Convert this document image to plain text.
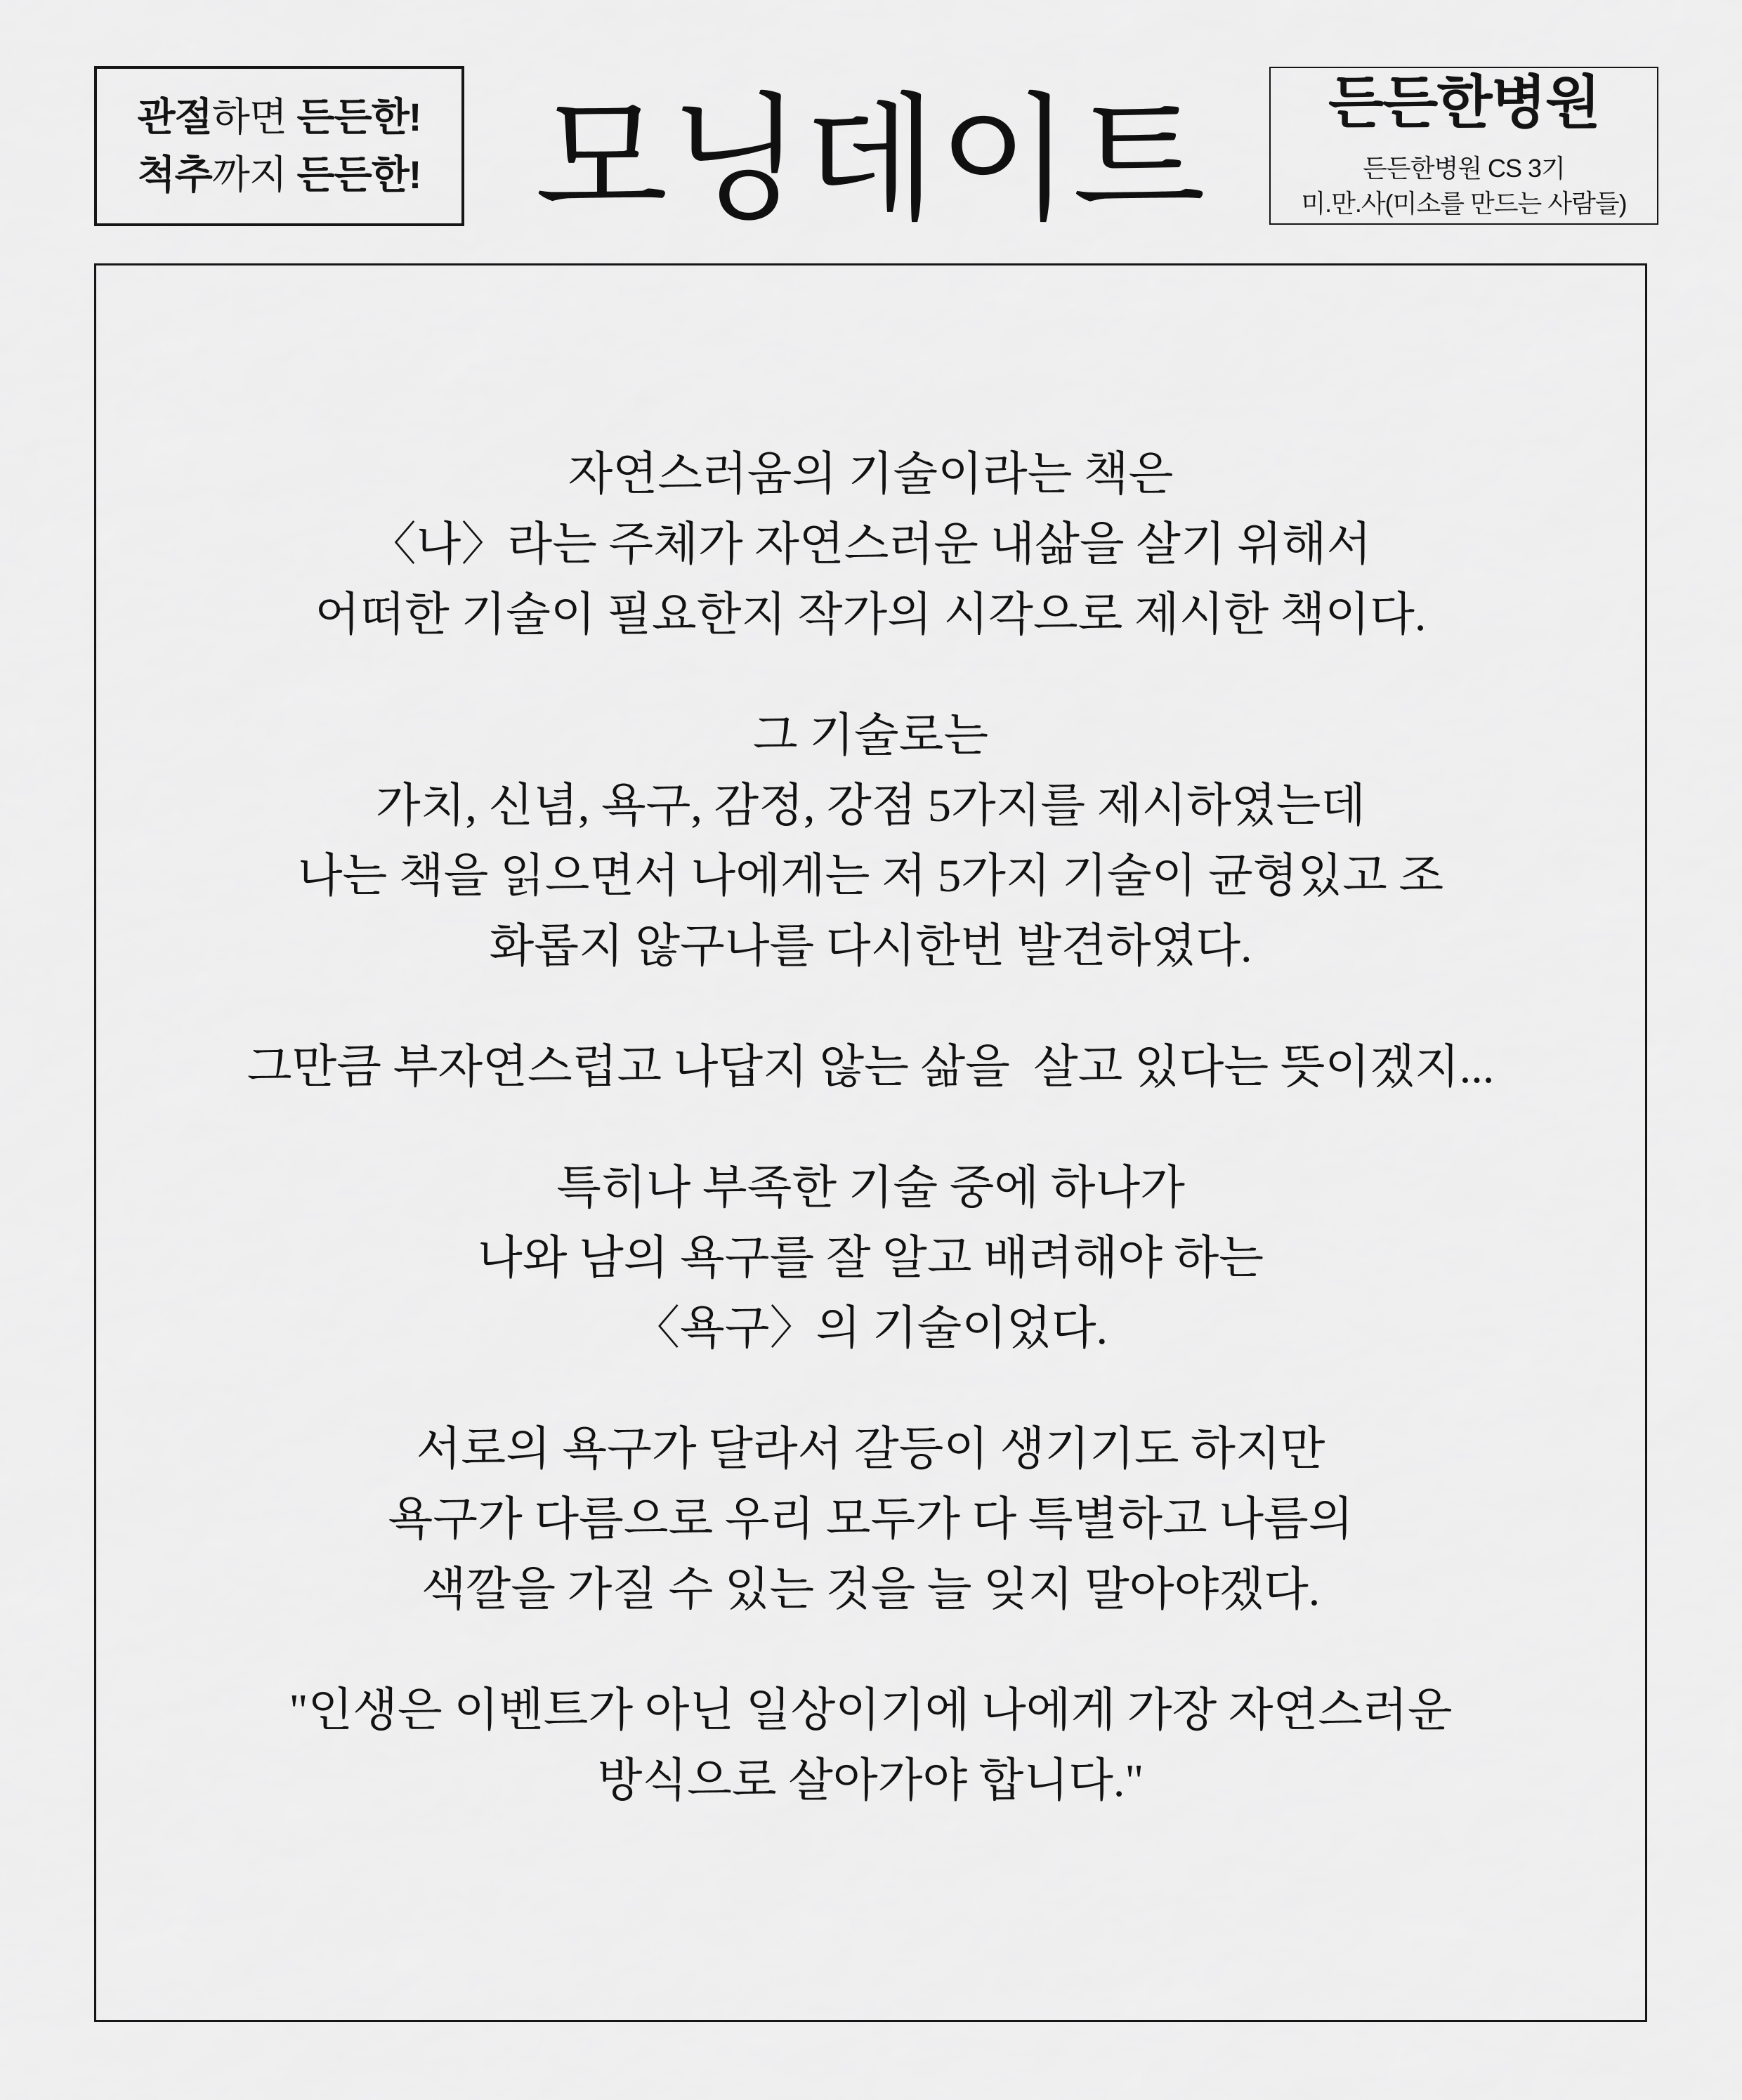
관절하면 든든한!
척추까지 든든한! 모닝데이트	든든한병원
든든한병원 CS 3기
미.만.사(미소를 만드는 사람들)
자연스러움의 기술이라는 책은
〈나〉라는 주체가 자연스러운 내삶을 살기 위해서
어떠한 기술이 필요한지 작가의 시각으로 제시한 책이다.
그 기술로는
가치, 신념, 욕구, 감정, 강점 5가지를 제시하였는데
나는 책을 읽으면서 나에게는 저 5가지 기술이 균형있고 조
화롭지 않구나를 다시한번 발견하였다.
그만큼 부자연스럽고 나답지 않는 삶을  살고 있다는 뜻이겠지...
특히나 부족한 기술 중에 하나가
나와 남의 욕구를 잘 알고 배려해야 하는
〈욕구〉의 기술이었다.
서로의 욕구가 달라서 갈등이 생기기도 하지만
욕구가 다름으로 우리 모두가 다 특별하고 나름의
색깔을 가질 수 있는 것을 늘 잊지 말아야겠다.
"인생은 이벤트가 아닌 일상이기에 나에게 가장 자연스러운
방식으로 살아가야 합니다."
